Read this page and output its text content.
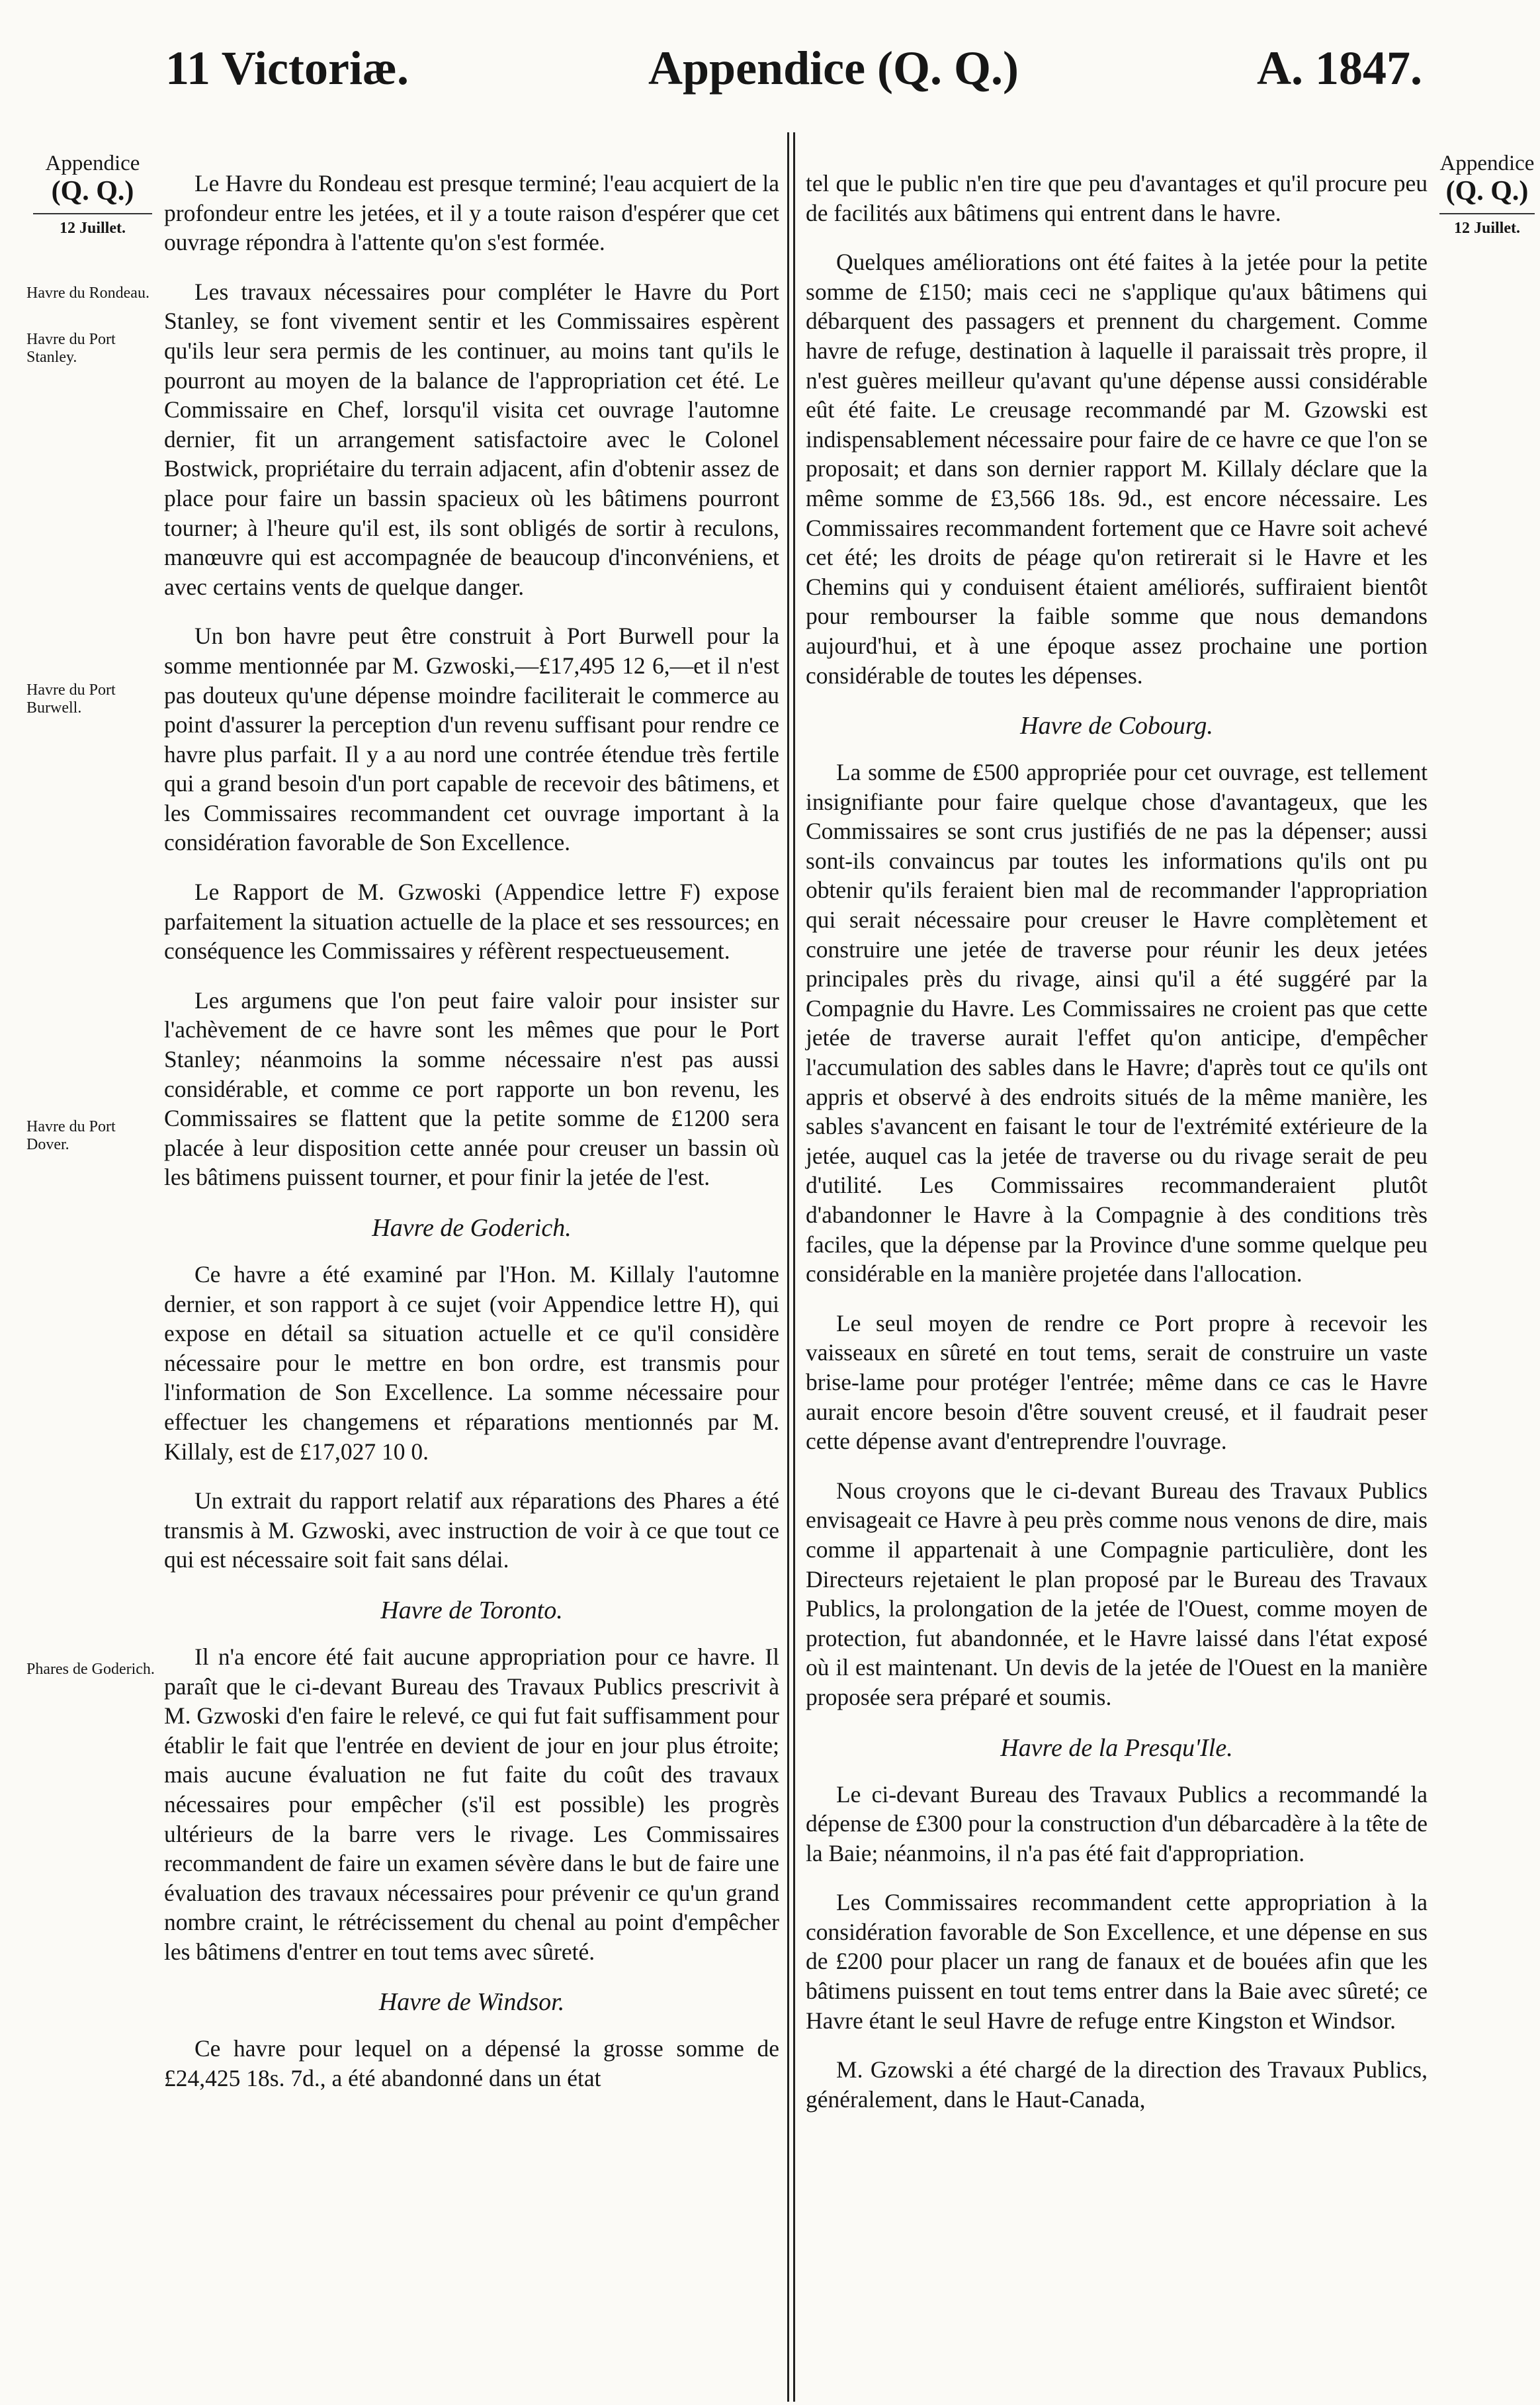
11 Victoriæ.	Appendice (Q. Q.)	A. 1847.
Appendice
(Q. Q.)
12 Juillet.
Appendice
(Q. Q.)
12 Juillet.
Havre du Rondeau.
Havre du Port Stanley.
Havre du Port Burwell.
Havre du Port Dover.
Phares de Goderich.

Le Havre du Rondeau est presque terminé; l'eau acquiert de la profondeur entre les jetées, et il y a toute raison d'espérer que cet ouvrage répondra à l'attente qu'on s'est formée.

Les travaux nécessaires pour compléter le Havre du Port Stanley, se font vivement sentir et les Commissaires espèrent qu'ils leur sera permis de les continuer, au moins tant qu'ils le pourront au moyen de la balance de l'appropriation cet été. Le Commissaire en Chef, lorsqu'il visita cet ouvrage l'automne dernier, fit un arrangement satisfactoire avec le Colonel Bostwick, propriétaire du terrain adjacent, afin d'obtenir assez de place pour faire un bassin spacieux où les bâtimens pourront tourner; à l'heure qu'il est, ils sont obligés de sortir à reculons, manœuvre qui est accompagnée de beaucoup d'inconvéniens, et avec certains vents de quelque danger.

Un bon havre peut être construit à Port Burwell pour la somme mentionnée par M. Gzwoski,—£17,495 12 6,—et il n'est pas douteux qu'une dépense moindre faciliterait le commerce au point d'assurer la perception d'un revenu suffisant pour rendre ce havre plus parfait. Il y a au nord une contrée étendue très fertile qui a grand besoin d'un port capable de recevoir des bâtimens, et les Commissaires recommandent cet ouvrage important à la considération favorable de Son Excellence.

Le Rapport de M. Gzwoski (Appendice lettre F) expose parfaitement la situation actuelle de la place et ses ressources; en conséquence les Commissaires y réfèrent respectueusement.

Les argumens que l'on peut faire valoir pour insister sur l'achèvement de ce havre sont les mêmes que pour le Port Stanley; néanmoins la somme nécessaire n'est pas aussi considérable, et comme ce port rapporte un bon revenu, les Commissaires se flattent que la petite somme de £1200 sera placée à leur disposition cette année pour creuser un bassin où les bâtimens puissent tourner, et pour finir la jetée de l'est.

Havre de Goderich.

Ce havre a été examiné par l'Hon. M. Killaly l'automne dernier, et son rapport à ce sujet (voir Appendice lettre H), qui expose en détail sa situation actuelle et ce qu'il considère nécessaire pour le mettre en bon ordre, est transmis pour l'information de Son Excellence. La somme nécessaire pour effectuer les changemens et réparations mentionnés par M. Killaly, est de £17,027 10 0.

Un extrait du rapport relatif aux réparations des Phares a été transmis à M. Gzwoski, avec instruction de voir à ce que tout ce qui est nécessaire soit fait sans délai.

Havre de Toronto.

Il n'a encore été fait aucune appropriation pour ce havre. Il paraît que le ci-devant Bureau des Travaux Publics prescrivit à M. Gzwoski d'en faire le relevé, ce qui fut fait suffisamment pour établir le fait que l'entrée en devient de jour en jour plus étroite; mais aucune évaluation ne fut faite du coût des travaux nécessaires pour empêcher (s'il est possible) les progrès ultérieurs de la barre vers le rivage. Les Commissaires recommandent de faire un examen sévère dans le but de faire une évaluation des travaux nécessaires pour prévenir ce qu'un grand nombre craint, le rétrécissement du chenal au point d'empêcher les bâtimens d'entrer en tout tems avec sûreté.

Havre de Windsor.

Ce havre pour lequel on a dépensé la grosse somme de £24,425 18s. 7d., a été abandonné dans un état

tel que le public n'en tire que peu d'avantages et qu'il procure peu de facilités aux bâtimens qui entrent dans le havre.

Quelques améliorations ont été faites à la jetée pour la petite somme de £150; mais ceci ne s'applique qu'aux bâtimens qui débarquent des passagers et prennent du chargement. Comme havre de refuge, destination à laquelle il paraissait très propre, il n'est guères meilleur qu'avant qu'une dépense aussi considérable eût été faite. Le creusage recommandé par M. Gzowski est indispensablement nécessaire pour faire de ce havre ce que l'on se proposait; et dans son dernier rapport M. Killaly déclare que la même somme de £3,566 18s. 9d., est encore nécessaire. Les Commissaires recommandent fortement que ce Havre soit achevé cet été; les droits de péage qu'on retirerait si le Havre et les Chemins qui y conduisent étaient améliorés, suffiraient bientôt pour rembourser la faible somme que nous demandons aujourd'hui, et à une époque assez prochaine une portion considérable de toutes les dépenses.

Havre de Cobourg.

La somme de £500 appropriée pour cet ouvrage, est tellement insignifiante pour faire quelque chose d'avantageux, que les Commissaires se sont crus justifiés de ne pas la dépenser; aussi sont-ils convaincus par toutes les informations qu'ils ont pu obtenir qu'ils feraient bien mal de recommander l'appropriation qui serait nécessaire pour creuser le Havre complètement et construire une jetée de traverse pour réunir les deux jetées principales près du rivage, ainsi qu'il a été suggéré par la Compagnie du Havre. Les Commissaires ne croient pas que cette jetée de traverse aurait l'effet qu'on anticipe, d'empêcher l'accumulation des sables dans le Havre; d'après tout ce qu'ils ont appris et observé à des endroits situés de la même manière, les sables s'avancent en faisant le tour de l'extrémité extérieure de la jetée, auquel cas la jetée de traverse ou du rivage serait de peu d'utilité. Les Commissaires recommanderaient plutôt d'abandonner le Havre à la Compagnie à des conditions très faciles, que la dépense par la Province d'une somme quelque peu considérable en la manière projetée dans l'allocation.

Le seul moyen de rendre ce Port propre à recevoir les vaisseaux en sûreté en tout tems, serait de construire un vaste brise-lame pour protéger l'entrée; même dans ce cas le Havre aurait encore besoin d'être souvent creusé, et il faudrait peser cette dépense avant d'entreprendre l'ouvrage.

Nous croyons que le ci-devant Bureau des Travaux Publics envisageait ce Havre à peu près comme nous venons de dire, mais comme il appartenait à une Compagnie particulière, dont les Directeurs rejetaient le plan proposé par le Bureau des Travaux Publics, la prolongation de la jetée de l'Ouest, comme moyen de protection, fut abandonnée, et le Havre laissé dans l'état exposé où il est maintenant. Un devis de la jetée de l'Ouest en la manière proposée sera préparé et soumis.

Havre de la Presqu'Ile.

Le ci-devant Bureau des Travaux Publics a recommandé la dépense de £300 pour la construction d'un débarcadère à la tête de la Baie; néanmoins, il n'a pas été fait d'appropriation.

Les Commissaires recommandent cette appropriation à la considération favorable de Son Excellence, et une dépense en sus de £200 pour placer un rang de fanaux et de bouées afin que les bâtimens puissent en tout tems entrer dans la Baie avec sûreté; ce Havre étant le seul Havre de refuge entre Kingston et Windsor.

M. Gzowski a été chargé de la direction des Travaux Publics, généralement, dans le Haut-Canada,
